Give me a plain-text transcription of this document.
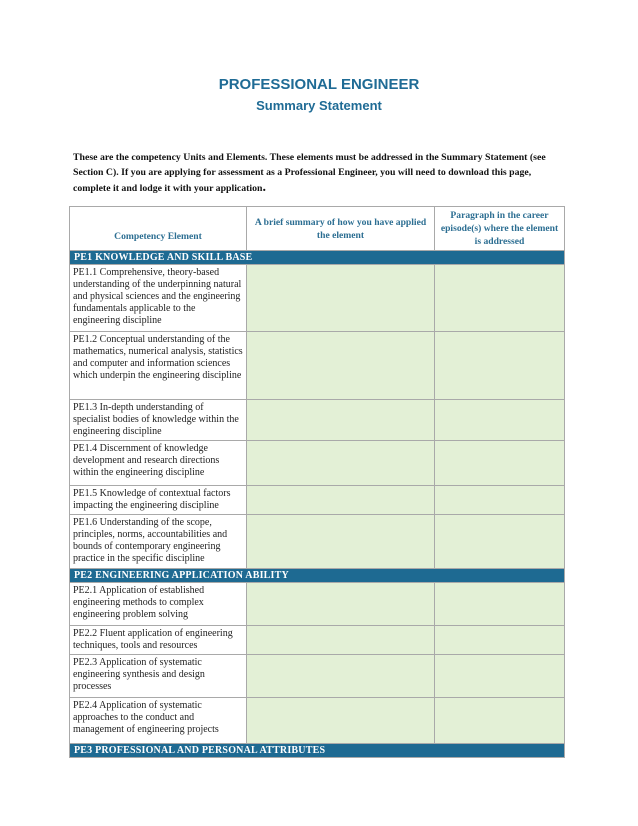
PROFESSIONAL ENGINEER
Summary Statement

These are the competency Units and Elements. These elements must be addressed in the Summary Statement (see Section C). If you are applying for assessment as a Professional Engineer, you will need to download this page, complete it and lodge it with your application.

Competency Element	A brief summary of how you have applied the element	Paragraph in the career episode(s) where the element is addressed
PE1 KNOWLEDGE AND SKILL BASE		
PE1.1 Comprehensive, theory-based understanding of the underpinning natural and physical sciences and the engineering fundamentals applicable to the engineering discipline		
PE1.2 Conceptual understanding of the mathematics, numerical analysis, statistics and computer and information sciences which underpin the engineering discipline		
PE1.3 In-depth understanding of specialist bodies of knowledge within the engineering discipline		
PE1.4 Discernment of knowledge development and research directions within the engineering discipline		
PE1.5 Knowledge of contextual factors impacting the engineering discipline		
PE1.6 Understanding of the scope, principles, norms, accountabilities and bounds of contemporary engineering practice in the specific discipline		
PE2 ENGINEERING APPLICATION ABILITY		
PE2.1 Application of established engineering methods to complex engineering problem solving		
PE2.2 Fluent application of engineering techniques, tools and resources		
PE2.3 Application of systematic engineering synthesis and design processes		
PE2.4 Application of systematic approaches to the conduct and management of engineering projects		
PE3 PROFESSIONAL AND PERSONAL ATTRIBUTES		
